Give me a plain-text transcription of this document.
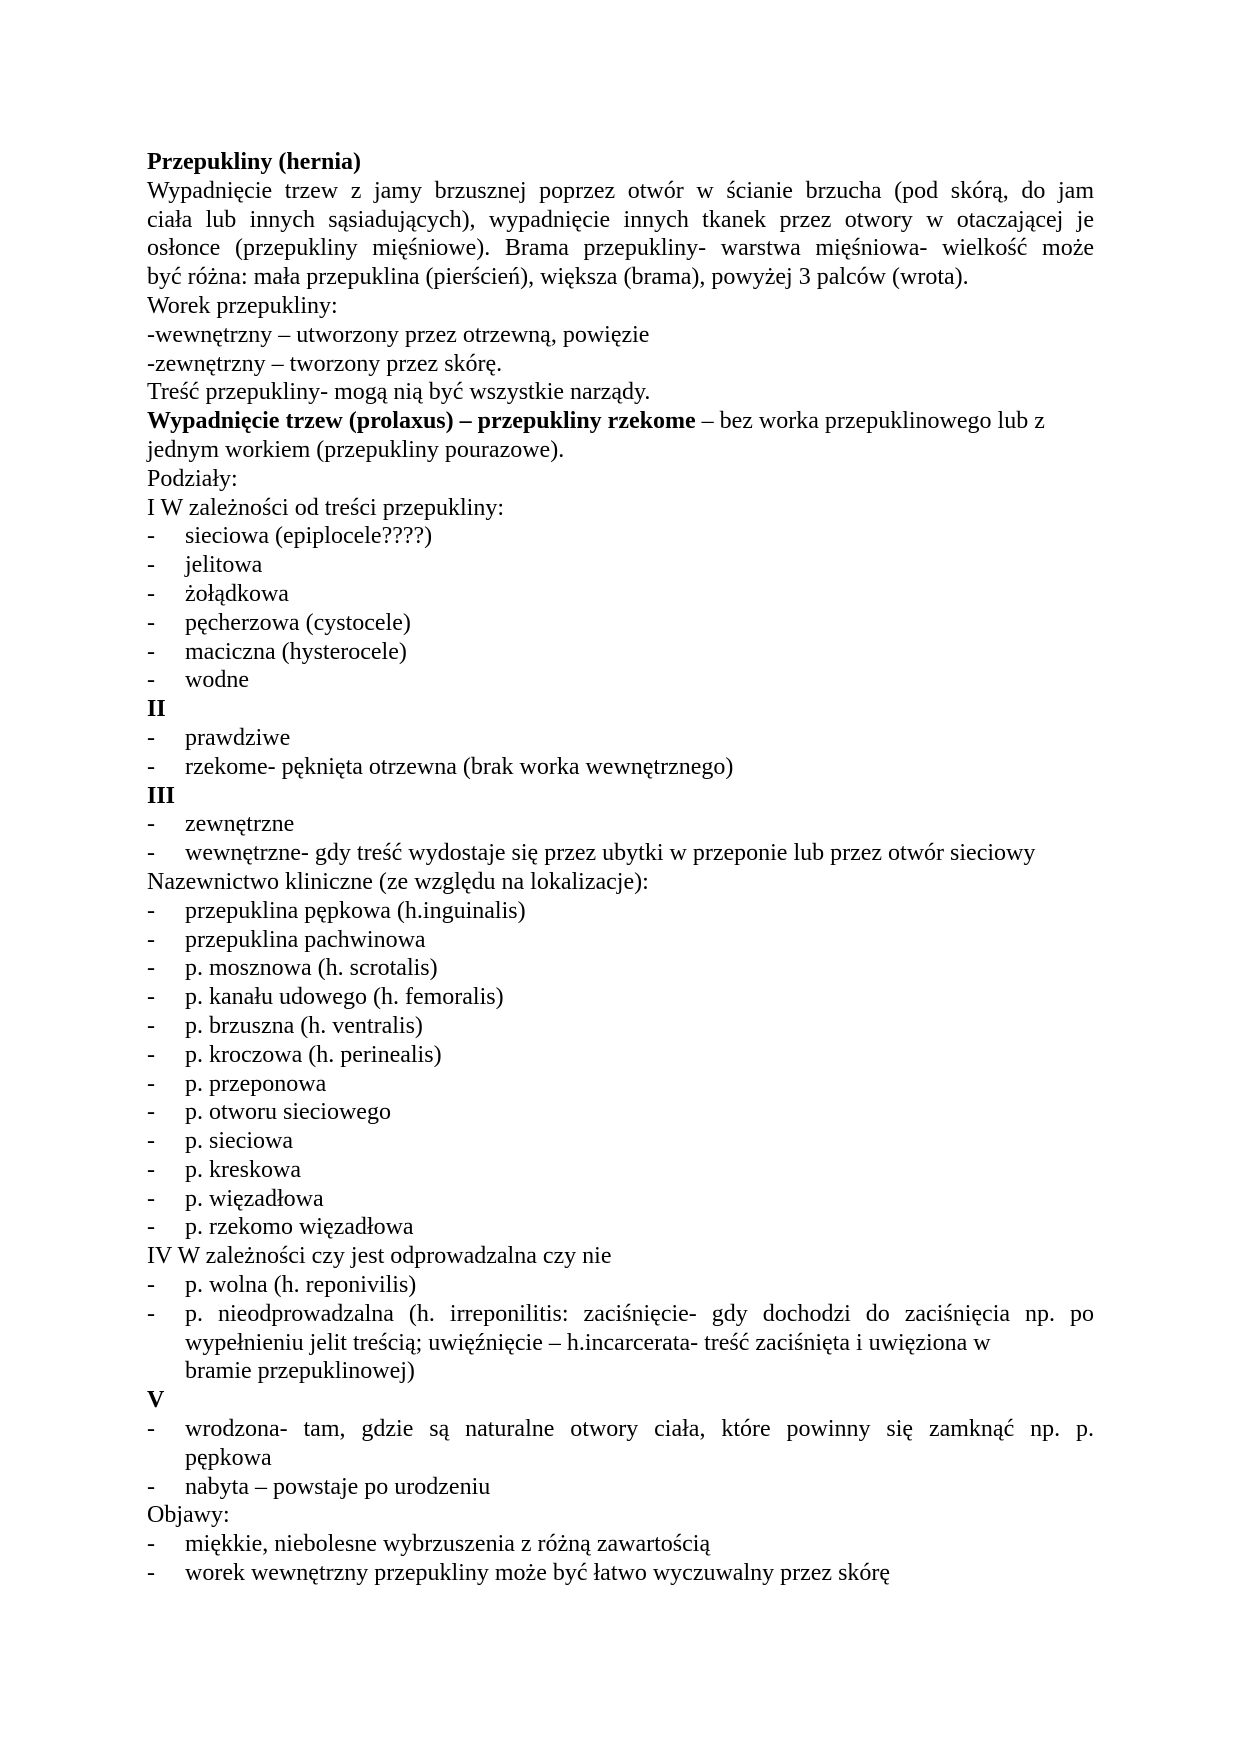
Przepukliny (hernia)

Wypadnięcie trzew z jamy brzusznej poprzez otwór w ścianie brzucha (pod skórą, do jam

ciała lub innych sąsiadujących), wypadnięcie innych tkanek przez otwory w otaczającej je

osłonce (przepukliny mięśniowe). Brama przepukliny- warstwa mięśniowa- wielkość może

być różna: mała przepuklina (pierścień), większa (brama), powyżej 3 palców (wrota).

Worek przepukliny:

-wewnętrzny – utworzony przez otrzewną, powięzie

-zewnętrzny – tworzony przez skórę.

Treść przepukliny- mogą nią być wszystkie narządy.

Wypadnięcie trzew (prolaxus) – przepukliny rzekome – bez worka przepuklinowego lub z

jednym workiem (przepukliny pourazowe).

Podziały:

I W zależności od treści przepukliny:

-	sieciowa (epiplocele????)
-	jelitowa
-	żołądkowa
-	pęcherzowa (cystocele)
-	maciczna (hysterocele)
-	wodne

II

-	prawdziwe
-	rzekome- pęknięta otrzewna (brak worka wewnętrznego)

III

-	zewnętrzne
-	wewnętrzne- gdy treść wydostaje się przez ubytki w przeponie lub przez otwór sieciowy

Nazewnictwo kliniczne (ze względu na lokalizacje):

-	przepuklina pępkowa (h.inguinalis)
-	przepuklina pachwinowa
-	p. mosznowa (h. scrotalis)
-	p. kanału udowego (h. femoralis)
-	p. brzuszna (h. ventralis)
-	p. kroczowa (h. perinealis)
-	p. przeponowa
-	p. otworu sieciowego
-	p. sieciowa
-	p. kreskowa
-	p. więzadłowa
-	p. rzekomo więzadłowa

IV W zależności czy jest odprowadzalna czy nie

-	p. wolna (h. reponivilis)
-	p. nieodprowadzalna (h. irreponilitis: zaciśnięcie- gdy dochodzi do zaciśnięcia np. po wypełnieniu jelit treścią; uwięźnięcie – h.incarcerata- treść zaciśnięta i uwięziona w
bramie przepuklinowej)

V

-	wrodzona- tam, gdzie są naturalne otwory ciała, które powinny się zamknąć np. p.
pępkowa
-	nabyta – powstaje po urodzeniu

Objawy:

-	miękkie, niebolesne wybrzuszenia z różną zawartością
-	worek wewnętrzny przepukliny może być łatwo wyczuwalny przez skórę
